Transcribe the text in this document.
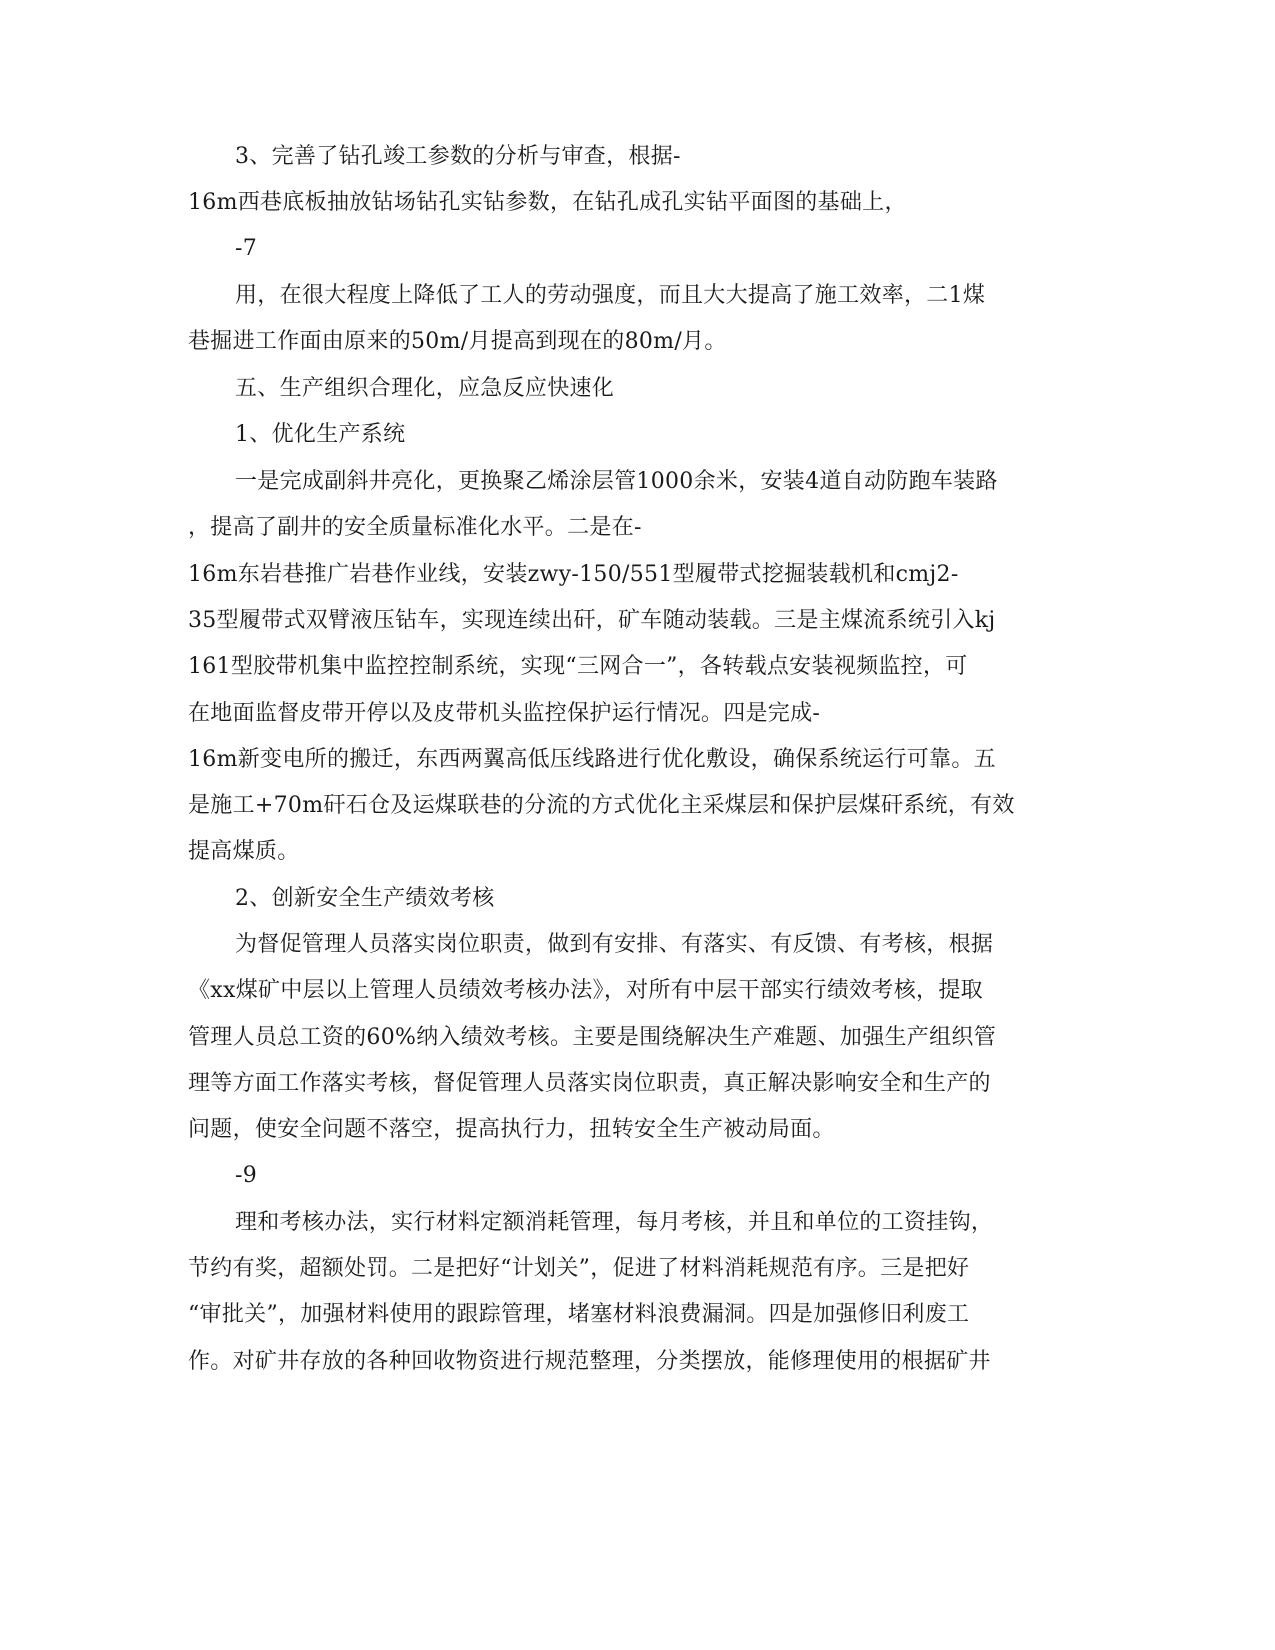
3、完善了钻孔竣工参数的分析与审查，根据-
16m西巷底板抽放钻场钻孔实钻参数，在钻孔成孔实钻平面图的基础上，
-7
用，在很大程度上降低了工人的劳动强度，而且大大提高了施工效率，二1煤
巷掘进工作面由原来的50m/月提高到现在的80m/月。
五、生产组织合理化，应急反应快速化
1、优化生产系统
一是完成副斜井亮化，更换聚乙烯涂层管1000余米，安装4道自动防跑车装路
，提高了副井的安全质量标准化水平。二是在-
16m东岩巷推广岩巷作业线，安装zwy-150/551型履带式挖掘装载机和cmj2-
35型履带式双臂液压钻车，实现连续出矸，矿车随动装载。三是主煤流系统引入kj
161型胶带机集中监控控制系统，实现“三网合一”，各转载点安装视频监控，可
在地面监督皮带开停以及皮带机头监控保护运行情况。四是完成-
16m新变电所的搬迁，东西两翼高低压线路进行优化敷设，确保系统运行可靠。五
是施工+70m矸石仓及运煤联巷的分流的方式优化主采煤层和保护层煤矸系统，有效
提高煤质。
2、创新安全生产绩效考核
为督促管理人员落实岗位职责，做到有安排、有落实、有反馈、有考核，根据
《xx煤矿中层以上管理人员绩效考核办法》，对所有中层干部实行绩效考核，提取
管理人员总工资的60%纳入绩效考核。主要是围绕解决生产难题、加强生产组织管
理等方面工作落实考核，督促管理人员落实岗位职责，真正解决影响安全和生产的
问题，使安全问题不落空，提高执行力，扭转安全生产被动局面。
-9
理和考核办法，实行材料定额消耗管理，每月考核，并且和单位的工资挂钩，
节约有奖，超额处罚。二是把好“计划关”，促进了材料消耗规范有序。三是把好
“审批关”，加强材料使用的跟踪管理，堵塞材料浪费漏洞。四是加强修旧利废工
作。对矿井存放的各种回收物资进行规范整理，分类摆放，能修理使用的根据矿井
